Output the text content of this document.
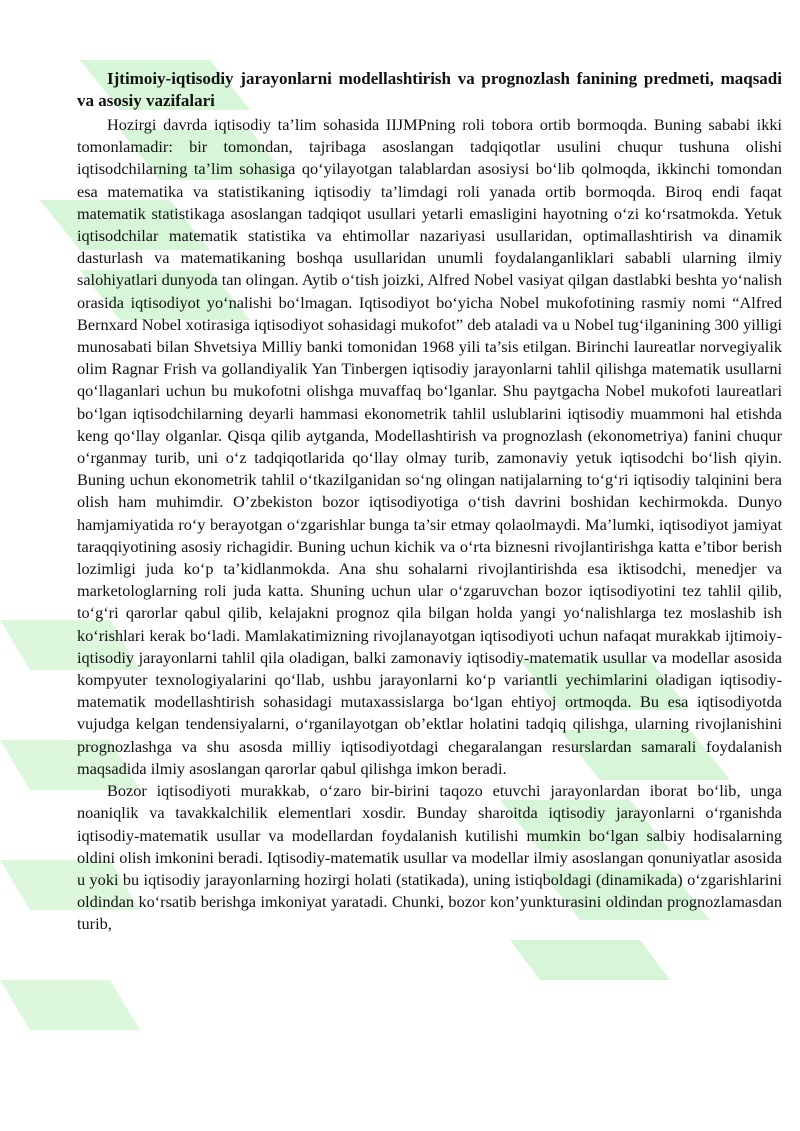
Ijtimoiy-iqtisodiy jarayonlarni modellashtirish va prognozlash fanining predmeti, maqsadi va asosiy vazifalari

Hozirgi davrda iqtisodiy ta’lim sohasida IIJMPning roli tobora ortib bormoqda. Buning sababi ikki tomonlamadir: bir tomondan, tajribaga asoslangan tadqiqotlar usulini chuqur tushuna olishi iqtisodchilarning ta’lim sohasiga qo‘yilayotgan talablardan asosiysi bo‘lib qolmoqda, ikkinchi tomondan esa matematika va statistikaning iqtisodiy ta’limdagi roli yanada ortib bormoqda. Biroq endi faqat matematik statistikaga asoslangan tadqiqot usullari yetarli emasligini hayotning o‘zi ko‘rsatmokda. Yetuk iqtisodchilar matematik statistika va ehtimollar nazariyasi usullaridan, optimallashtirish va dinamik dasturlash va matematikaning boshqa usullaridan unumli foydalanganliklari sababli ularning ilmiy salohiyatlari dunyoda tan olingan. Aytib o‘tish joizki, Alfred Nobel vasiyat qilgan dastlabki beshta yo‘nalish orasida iqtisodiyot yo‘nalishi bo‘lmagan. Iqtisodiyot bo‘yicha Nobel mukofotining rasmiy nomi “Alfred Bernxard Nobel xotirasiga iqtisodiyot sohasidagi mukofot” deb ataladi va u Nobel tug‘ilganining 300 yilligi munosabati bilan Shvetsiya Milliy banki tomonidan 1968 yili ta’sis etilgan. Birinchi laureatlar norvegiyalik olim Ragnar Frish va gollandiyalik Yan Tinbergen iqtisodiy jarayonlarni tahlil qilishga matematik usullarni qo‘llaganlari uchun bu mukofotni olishga muvaffaq bo‘lganlar. Shu paytgacha Nobel mukofoti laureatlari bo‘lgan iqtisodchilarning deyarli hammasi ekonometrik tahlil uslublarini iqtisodiy muammoni hal etishda keng qo‘llay olganlar. Qisqa qilib aytganda, Modellashtirish va prognozlash (ekonometriya) fanini chuqur o‘rganmay turib, uni o‘z tadqiqotlarida qo‘llay olmay turib, zamonaviy yetuk iqtisodchi bo‘lish qiyin. Buning uchun ekonometrik tahlil o‘tkazilganidan so‘ng olingan natijalarning to‘g‘ri iqtisodiy talqinini bera olish ham muhimdir. O’zbekiston bozor iqtisodiyotiga o‘tish davrini boshidan kechirmokda. Dunyo hamjamiyatida ro‘y berayotgan o‘zgarishlar bunga ta’sir etmay qolaolmaydi. Ma’lumki, iqtisodiyot jamiyat taraqqiyotining asosiy richagidir. Buning uchun kichik va o‘rta biznesni rivojlantirishga katta e’tibor berish lozimligi juda ko‘p ta’kidlanmokda. Ana shu sohalarni rivojlantirishda esa iktisodchi, menedjer va marketologlarning roli juda katta. Shuning uchun ular o‘zgaruvchan bozor iqtisodiyotini tez tahlil qilib, to‘g‘ri qarorlar qabul qilib, kelajakni prognoz qila bilgan holda yangi yo‘nalishlarga tez moslashib ish ko‘rishlari kerak bo‘ladi. Mamlakatimizning rivojlanayotgan iqtisodiyoti uchun nafaqat murakkab ijtimoiy-iqtisodiy jarayonlarni tahlil qila oladigan, balki zamonaviy iqtisodiy-matematik usullar va modellar asosida kompyuter texnologiyalarini qo‘llab, ushbu jarayonlarni ko‘p variantli yechimlarini oladigan iqtisodiy-matematik modellashtirish sohasidagi mutaxassislarga bo‘lgan ehtiyoj ortmoqda. Bu esa iqtisodiyotda vujudga kelgan tendensiyalarni, o‘rganilayotgan ob’ektlar holatini tadqiq qilishga, ularning rivojlanishini prognozlashga va shu asosda milliy iqtisodiyotdagi chegaralangan resurslardan samarali foydalanish maqsadida ilmiy asoslangan qarorlar qabul qilishga imkon beradi.

Bozor iqtisodiyoti murakkab, o‘zaro bir-birini taqozo etuvchi jarayonlardan iborat bo‘lib, unga noaniqlik va tavakkalchilik elementlari xosdir. Bunday sharoitda iqtisodiy jarayonlarni o‘rganishda iqtisodiy-matematik usullar va modellardan foydalanish kutilishi mumkin bo‘lgan salbiy hodisalarning oldini olish imkonini beradi. Iqtisodiy-matematik usullar va modellar ilmiy asoslangan qonuniyatlar asosida u yoki bu iqtisodiy jarayonlarning hozirgi holati (statikada), uning istiqboldagi (dinamikada) o‘zgarishlarini oldindan ko‘rsatib berishga imkoniyat yaratadi. Chunki, bozor kon’yunkturasini oldindan prognozlamasdan turib,
